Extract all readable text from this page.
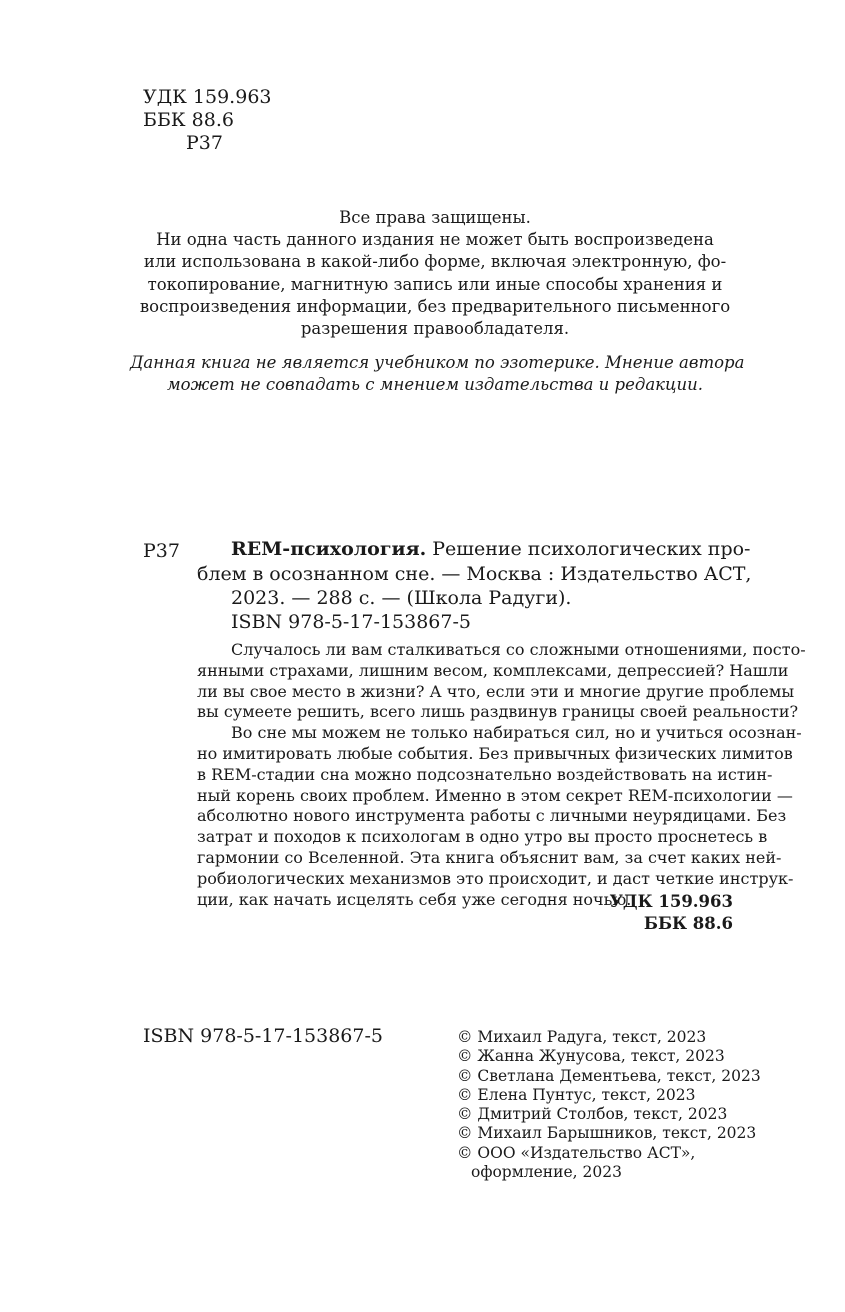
УДК 159.963
ББК 88.6
Р37
Все права защищены.
Ни одна часть данного издания не может быть воспроизведена
или использована в какой-либо форме, включая электронную, фо-
токопирование, магнитную запись или иные способы хранения и
воспроизведения информации, без предварительного письменного
разрешения правообладателя.
Данная книга не является учебником по эзотерике. Мнение автора
может не совпадать с мнением издательства и редакции.
Р37	REM-психология. Решение психологических про-
блем в осознанном сне. — Москва : Издательство АСТ,
2023. — 288 с. — (Школа Радуги).
ISBN 978-5-17-153867-5
Случалось ли вам сталкиваться со сложными отношениями, посто-
янными страхами, лишним весом, комплексами, депрессией? Нашли
ли вы свое место в жизни? А что, если эти и многие другие проблемы
вы сумеете решить, всего лишь раздвинув границы своей реальности?
Во сне мы можем не только набираться сил, но и учиться осознан-
но имитировать любые события. Без привычных физических лимитов
в REM-стадии сна можно подсознательно воздействовать на истин-
ный корень своих проблем. Именно в этом секрет REM-психологии —
абсолютно нового инструмента работы с личными неурядицами. Без
затрат и походов к психологам в одно утро вы просто проснетесь в
гармонии со Вселенной. Эта книга объяснит вам, за счет каких ней-
робиологических механизмов это происходит, и даст четкие инструк-
ции, как начать исцелять себя уже сегодня ночью.
УДК 159.963
ББК 88.6
ISBN 978-5-17-153867-5	© Михаил Радуга, текст, 2023
© Жанна Жунусова, текст, 2023
© Светлана Дементьева, текст, 2023
© Елена Пунтус, текст, 2023
© Дмитрий Столбов, текст, 2023
© Михаил Барышников, текст, 2023
© ООО «Издательство АСТ»,
оформление, 2023
